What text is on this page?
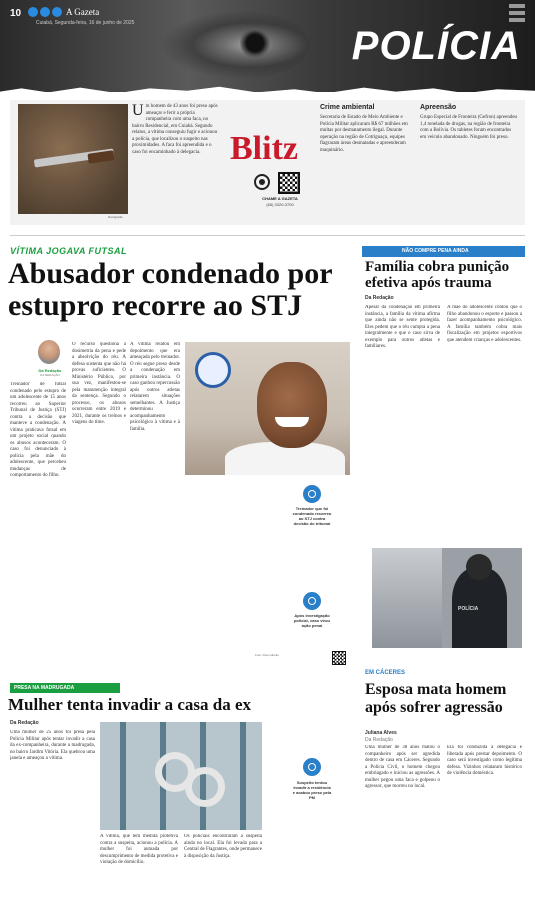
10	A Gazeta
Cuiabá, Segunda-feira, 16 de junho de 2025
POLÍCIA
Divulgação
U m homem de 43 anos foi preso após ameaçar e ferir a própria companheira com uma faca, no bairro Residencial, em Cuiabá. Segundo relatos, a vítima conseguiu fugir e acionou a polícia, que localizou o suspeito nas proximidades. A faca foi apreendida e o caso foi encaminhado à delegacia. Blitz
CHAME A GAZETA
(65) 3320-3700
Crime ambiental
Secretaria de Estado de Meio Ambiente e Polícia Militar aplicaram R$ 67 milhões em multas por desmatamento ilegal. Durante operação na região de Cotriguaçu, equipes flagraram áreas desmatadas e apreenderam maquinário.
Apreensão
Grupo Especial de Fronteira (Gefron) apreendeu 1,4 tonelada de drogas, na região de fronteira com a Bolívia. Os tabletes foram encontrados em veículo abandonado. Ninguém foi preso.
VÍTIMA JOGAVA FUTSAL
Abusador condenado por estupro recorre ao STJ
Da Redação
DA REDAÇÃO
Treinador de futsal condenado pelo estupro de um adolescente de 15 anos recorreu ao Superior Tribunal de Justiça (STJ) contra a decisão que manteve a condenação. A vítima praticava futsal em um projeto social quando os abusos aconteceram. O caso foi denunciado à polícia pela mãe do adolescente, que percebeu mudanças de comportamento do filho.
O recurso questiona a dosimetria da pena e pede a absolvição do réu. A defesa sustenta que não há provas suficientes. O Ministério Público, por sua vez, manifestou-se pela manutenção integral da sentença. Segundo o processo, os abusos ocorreram entre 2019 e 2021, durante os treinos e viagens do time.
A vítima relatou em depoimento que era ameaçada pelo treinador. O réu segue preso desde a condenação em primeira instância. O caso ganhou repercussão após outros atletas relatarem situações semelhantes. A Justiça determinou acompanhamento psicológico à vítima e à família.
Treinador que foi condenado recorreu ao STJ contra decisão do tribunal
Após investigação policial, caso virou ação penal
Suspeito tentou invadir a residência e acabou preso pela PM
Foto: Reprodução
NÃO COMPRE PENA AINDA
Família cobra punição efetiva após trauma
Da Redação
Apesar da condenação em primeira instância, a família da vítima afirma que ainda não se sente protegida. Eles pedem que o réu cumpra a pena integralmente e que o caso sirva de exemplo para outros atletas e familiares.
A mãe do adolescente contou que o filho abandonou o esporte e passou a fazer acompanhamento psicológico. A família também cobra mais fiscalização em projetos esportivos que atendem crianças e adolescentes.
POLÍCIA
EM CÁCERES
Esposa mata homem após sofrer agressão
Juliana Alves
Da Redação
Uma mulher de 38 anos matou o companheiro após ser agredida dentro de casa em Cáceres. Segundo a Polícia Civil, o homem chegou embriagado e iniciou as agressões. A mulher pegou uma faca e golpeou o agressor, que morreu no local.
Ela foi conduzida à delegacia e liberada após prestar depoimento. O caso será investigado como legítima defesa. Vizinhos relataram histórico de violência doméstica.
PRESA NA MADRUGADA
Mulher tenta invadir a casa da ex
Da Redação
Uma mulher de 25 anos foi presa pela Polícia Militar após tentar invadir a casa da ex-companheira, durante a madrugada, no bairro Jardim Vitória. Ela quebrou uma janela e ameaçou a vítima.
A vítima, que tem medida protetiva contra a suspeita, acionou a polícia. A mulher foi autuada por descumprimento de medida protetiva e violação de domicílio.
Os policiais encontraram a suspeita ainda no local. Ela foi levada para a Central de Flagrantes, onde permanece à disposição da Justiça.
